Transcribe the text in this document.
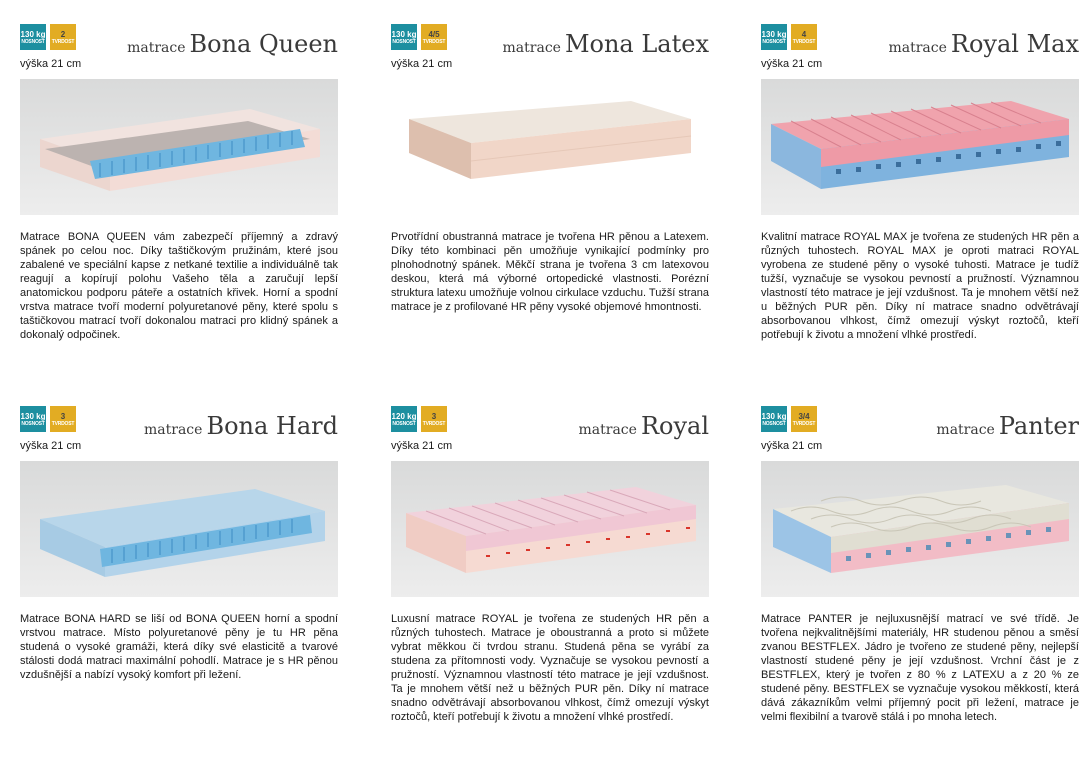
130 kg
NOSNOST
2
TVRDOST	matrace Bona Queen
výška 21 cm
Matrace BONA QUEEN vám zabezpečí příjemný a zdravý spánek po celou noc. Díky taštičkovým pružinám, které jsou zabalené ve speciální kapse z netkané textilie a individuálně tak reagují a kopírují polohu Vašeho těla a zaručují lepší anatomickou podporu páteře a ostatních křivek. Horní a spodní vrstva matrace tvoří moderní polyuretanové pěny, které spolu s taštičkovou matrací tvoří dokonalou matraci pro klidný spánek a dokonalý odpočinek.
130 kg
NOSNOST
4/5
TVRDOST	matrace Mona Latex
výška 21 cm
Prvotřídní obustranná matrace je tvořena HR pěnou a Latexem. Díky této kombinaci pěn umožňuje vynikající podmínky pro plnohodnotný spánek. Měkčí strana je tvořena 3 cm latexovou deskou, která má výborné ortopedické vlastnosti. Porézní struktura latexu umožňuje volnou cirkulace vzduchu. Tužší strana matrace je z profilované HR pěny vysoké objemové hmontnosti.
130 kg
NOSNOST
4
TVRDOST	matrace Royal Max
výška 21 cm
Kvalitní matrace ROYAL MAX je tvořena ze studených HR pěn a různých tuhostech. ROYAL MAX je oproti matraci ROYAL vyrobena ze studené pěny o vysoké tuhosti. Matrace je tudíž tužší, vyznačuje se vysokou pevností a pružností. Významnou vlastností této matrace je její vzdušnost. Ta je mnohem větší než u běžných PUR pěn. Díky ní matrace snadno odvětrávají absorbovanou vlhkost, čímž omezují výskyt roztočů, kteří potřebují k životu a množení vlhké prostředí.
130 kg
NOSNOST
3
TVRDOST	matrace Bona Hard
výška 21 cm
Matrace BONA HARD se liší od BONA QUEEN horní a spodní vrstvou matrace. Místo polyuretanové pěny je tu HR pěna studená o vysoké gramáži, která díky své elasticitě a tvarové stálosti dodá matraci maximální pohodlí. Matrace je s HR pěnou vzdušnější a nabízí vysoký komfort při ležení.
120 kg
NOSNOST
3
TVRDOST	matrace Royal
výška 21 cm
Luxusní matrace ROYAL je tvořena ze studených HR pěn a různých tuhostech. Matrace je oboustranná a proto si můžete vybrat měkkou či tvrdou stranu. Studená pěna se vyrábí za studena za přítomnosti vody. Vyznačuje se vysokou pevností a pružností. Významnou vlastností této matrace je její vzdušnost. Ta je mnohem větší než u běžných PUR pěn. Díky ní matrace snadno odvětrávají absorbovanou vlhkost, čímž omezují výskyt roztočů, kteří potřebují k životu a množení vlhké prostředí.
130 kg
NOSNOST
3/4
TVRDOST	matrace Panter
výška 21 cm
Matrace PANTER je nejluxusnější matrací ve své třídě. Je tvořena nejkvalitnějšími materiály, HR studenou pěnou a směsí zvanou BESTFLEX. Jádro je tvořeno ze studené pěny, nejlepší vlastností studené pěny je její vzdušnost. Vrchní část je z BESTFLEX, který je tvořen z 80 % z LATEXU a z 20 % ze studené pěny. BESTFLEX se vyznačuje vysokou měkkostí, která dává zákazníkům velmi příjemný pocit při ležení, matrace je velmi flexibilní a tvarově stálá i po mnoha letech.
